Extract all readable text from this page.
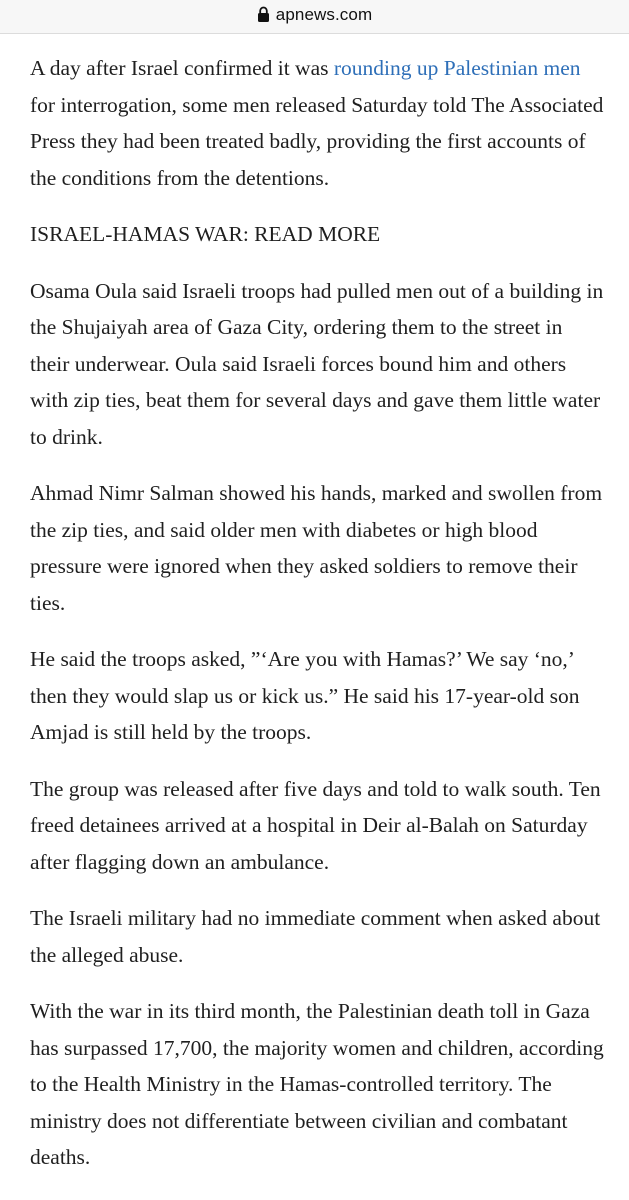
apnews.com

A day after Israel confirmed it was rounding up Palestinian men for interrogation, some men released Saturday told The Associated Press they had been treated badly, providing the first accounts of the conditions from the detentions.

ISRAEL-HAMAS WAR: READ MORE

Osama Oula said Israeli troops had pulled men out of a building in the Shujaiyah area of Gaza City, ordering them to the street in their underwear. Oula said Israeli forces bound him and others with zip ties, beat them for several days and gave them little water to drink.

Ahmad Nimr Salman showed his hands, marked and swollen from the zip ties, and said older men with diabetes or high blood pressure were ignored when they asked soldiers to remove their ties.

He said the troops asked, ”‘Are you with Hamas?’ We say ‘no,’ then they would slap us or kick us.” He said his 17-year-old son Amjad is still held by the troops.

The group was released after five days and told to walk south. Ten freed detainees arrived at a hospital in Deir al-Balah on Saturday after flagging down an ambulance.

The Israeli military had no immediate comment when asked about the alleged abuse.

With the war in its third month, the Palestinian death toll in Gaza has surpassed 17,700, the majority women and children, according to the Health Ministry in the Hamas-controlled territory. The ministry does not differentiate between civilian and combatant deaths.
